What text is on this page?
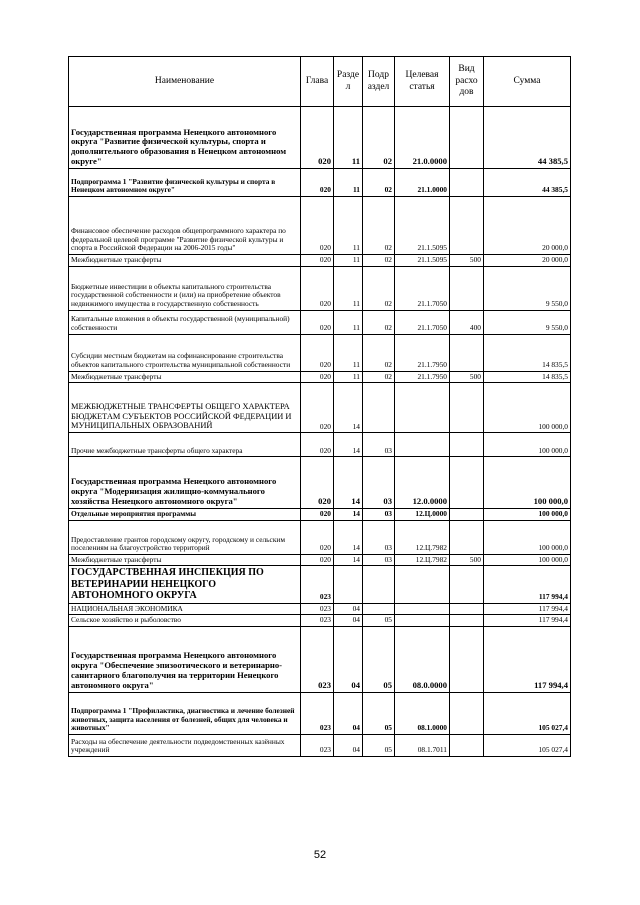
Наименование	Глава	Разде л	Подр аздел	Целевая статья	Вид расхо дов	Сумма
Государственная программа Ненецкого автономного округа "Развитие физической культуры, спорта и дополнительного образования в Ненецком автономном округе"	020	11	02	21.0.0000		44 385,5
Подпрограмма 1 "Развитие физической культуры и спорта в Ненецком автономном округе"	020	11	02	21.1.0000		44 385,5
Финансовое обеспечение расходов общепрограммного характера по федеральной целевой программе "Развитие физической культуры и спорта в Российской Федерации на 2006-2015 годы"	020	11	02	21.1.5095		20 000,0
Межбюджетные трансферты	020	11	02	21.1.5095	500	20 000,0
Бюджетные инвестиции в объекты капитального строительства государственной собственности и (или) на приобретение объектов недвижимого имущества в государственную собственность	020	11	02	21.1.7050		9 550,0
Капитальные вложения в объекты государственной (муниципальной) собственности	020	11	02	21.1.7050	400	9 550,0
Субсидии местным бюджетам на софинансирование строительства объектов капитального строительства муниципальной собственности	020	11	02	21.1.7950		14 835,5
Межбюджетные трансферты	020	11	02	21.1.7950	500	14 835,5
МЕЖБЮДЖЕТНЫЕ ТРАНСФЕРТЫ ОБЩЕГО ХАРАКТЕРА БЮДЖЕТАМ СУБЪЕКТОВ РОССИЙСКОЙ ФЕДЕРАЦИИ И МУНИЦИПАЛЬНЫХ ОБРАЗОВАНИЙ	020	14				100 000,0
Прочие межбюджетные трансферты общего характера	020	14	03			100 000,0
Государственная программа Ненецкого автономного округа "Модернизация жилищно-коммунального хозяйства Ненецкого автономного округа"	020	14	03	12.0.0000		100 000,0
Отдельные мероприятия программы	020	14	03	12.Ц.0000		100 000,0
Предоставление грантов городскому округу, городскому и сельским поселениям на благоустройство территорий	020	14	03	12.Ц.7982		100 000,0
Межбюджетные трансферты	020	14	03	12.Ц.7982	500	100 000,0
ГОСУДАРСТВЕННАЯ ИНСПЕКЦИЯ ПО ВЕТЕРИНАРИИ НЕНЕЦКОГО АВТОНОМНОГО ОКРУГА	023					117 994,4
НАЦИОНАЛЬНАЯ ЭКОНОМИКА	023	04				117 994,4
Сельское хозяйство и рыболовство	023	04	05			117 994,4
Государственная программа Ненецкого автономного округа "Обеспечение эпизоотического и ветеринарно-санитарного благополучия на территории Ненецкого автономного округа"	023	04	05	08.0.0000		117 994,4
Подпрограмма 1 "Профилактика, диагностика и лечение болезней животных, защита населения от болезней, общих для человека и животных"	023	04	05	08.1.0000		105 027,4
Расходы на обеспечение деятельности подведомственных казённых учреждений	023	04	05	08.1.7011		105 027,4
52
